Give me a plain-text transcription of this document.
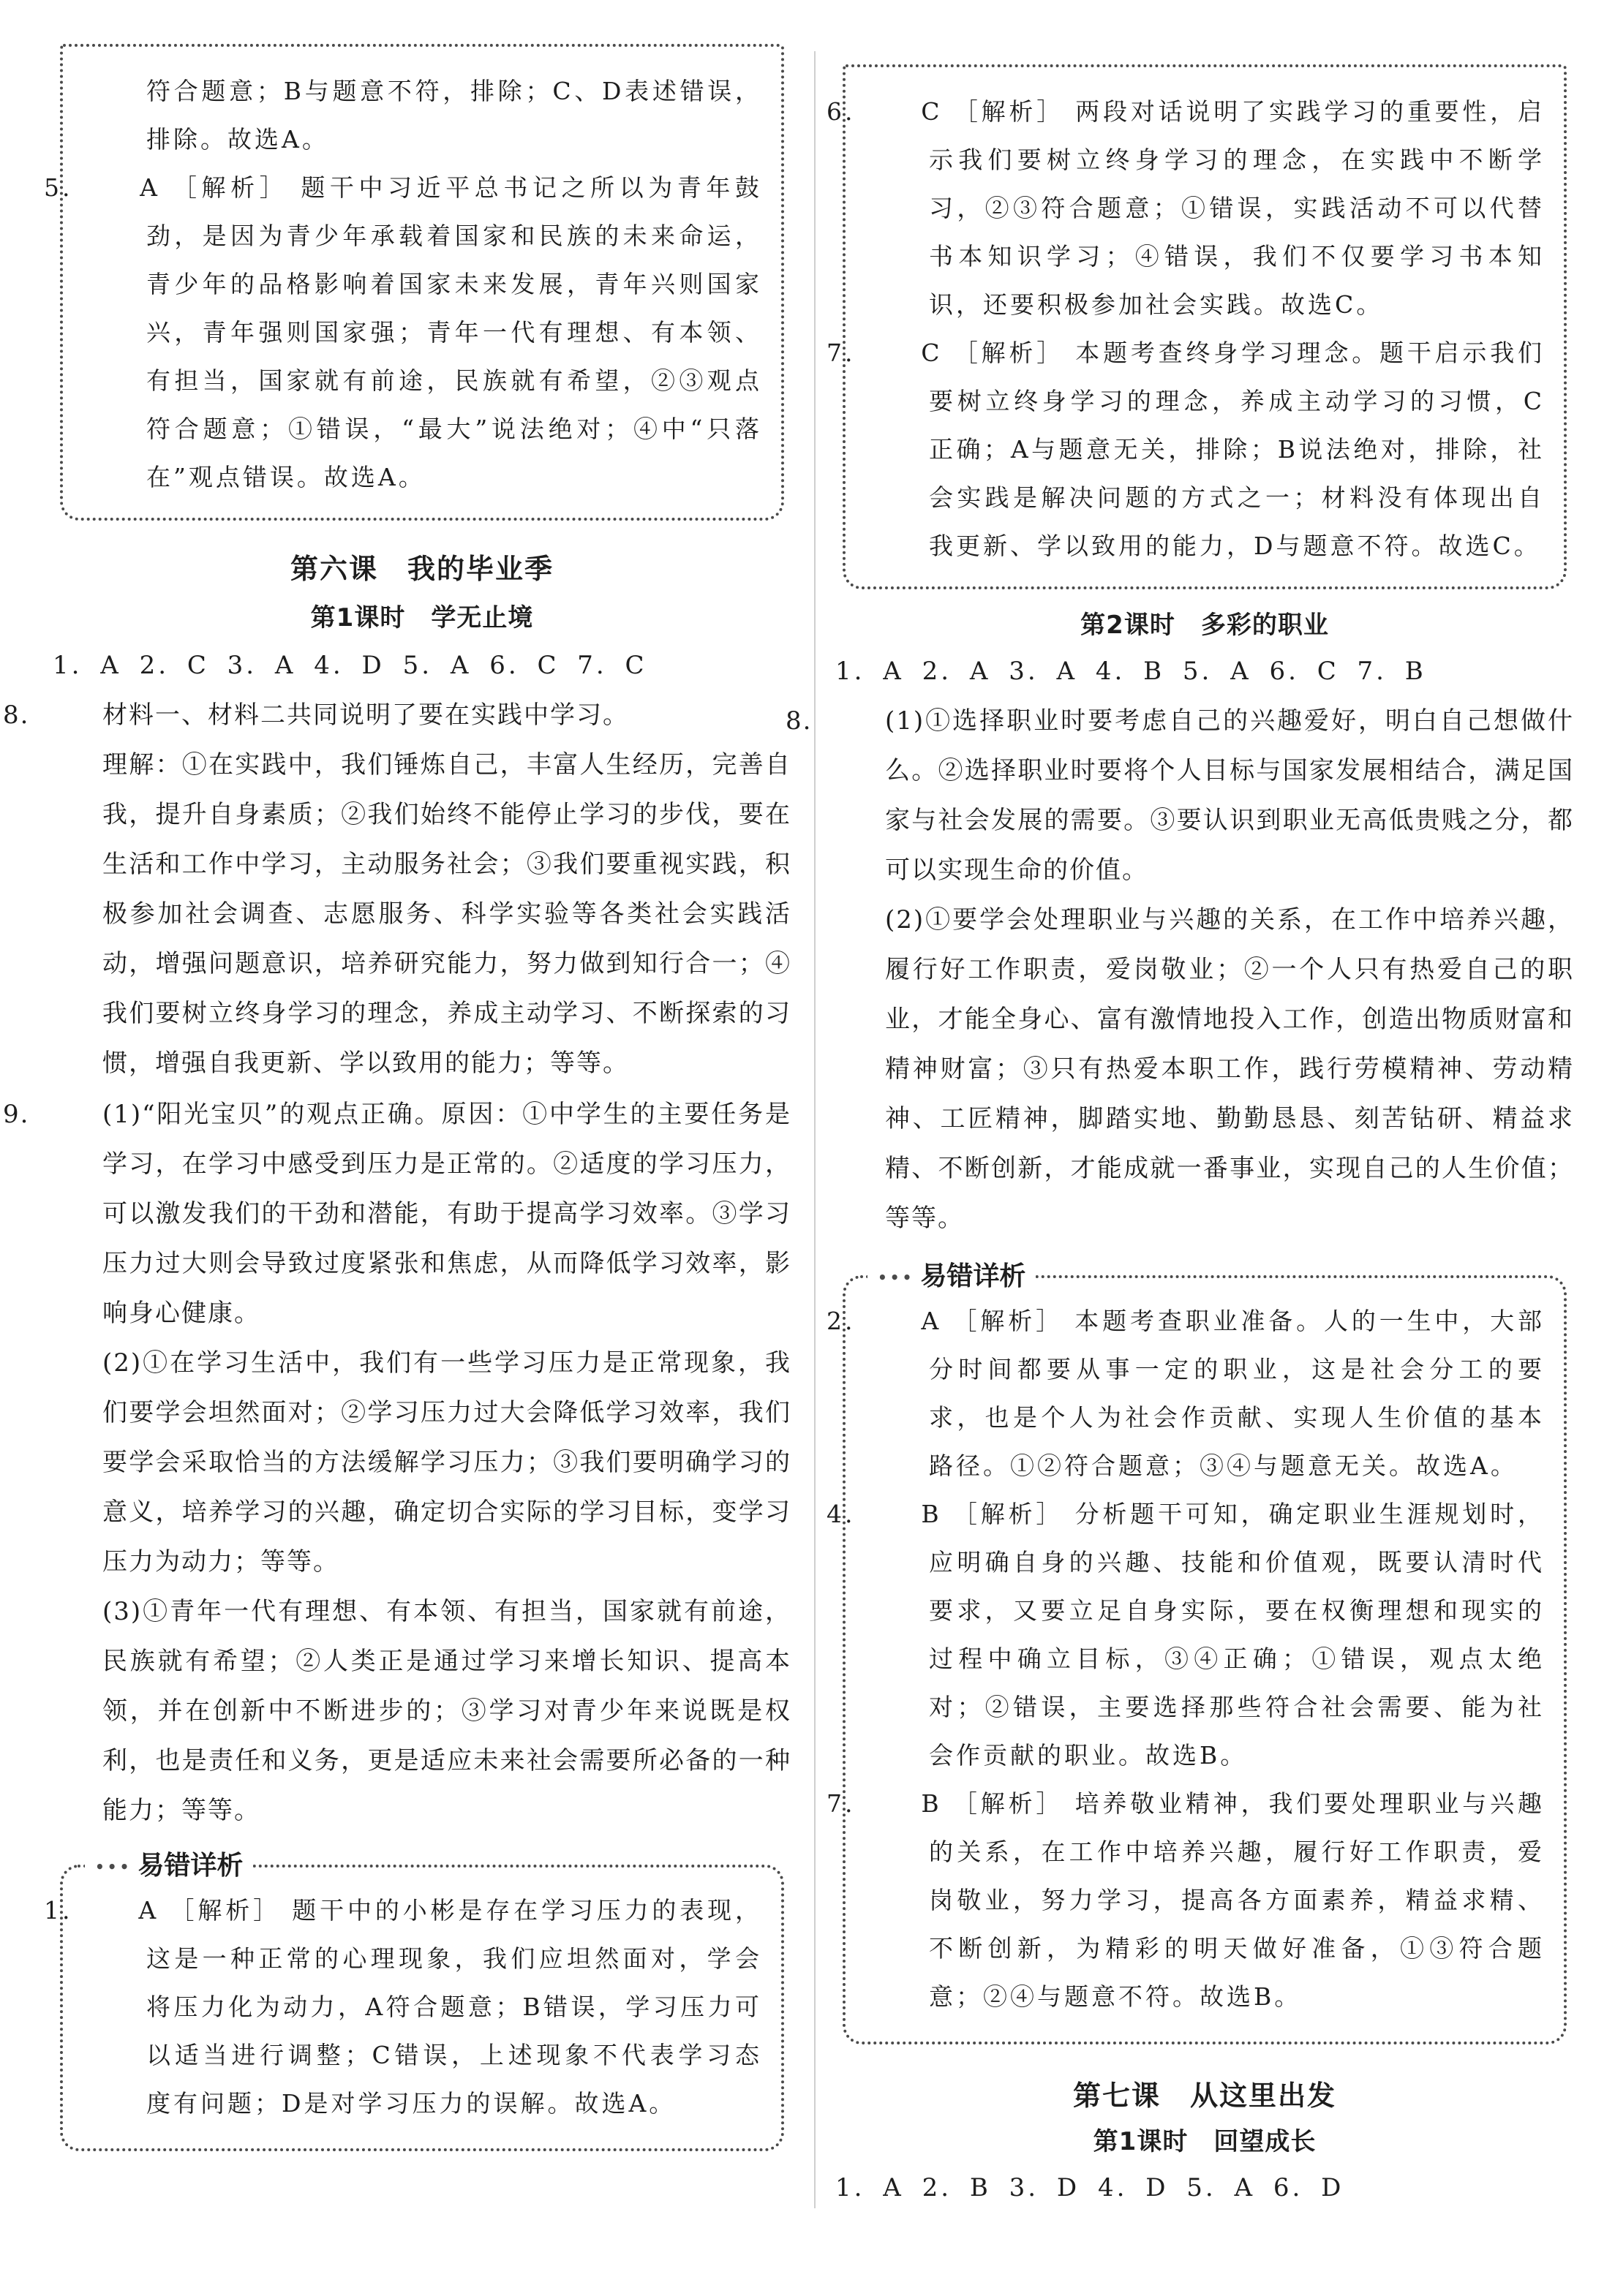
符合题意；B与题意不符，排除；C、D表述错误，排除。故选A。
5.	A ［解析］ 题干中习近平总书记之所以为青年鼓劲，是因为青少年承载着国家和民族的未来命运，青少年的品格影响着国家未来发展，青年兴则国家兴，青年强则国家强；青年一代有理想、有本领、有担当，国家就有前途，民族就有希望，②③观点符合题意；①错误，“最大”说法绝对；④中“只落在”观点错误。故选A。
第六课　我的毕业季
第1课时　学无止境
1. A 2. C 3. A 4. D 5. A 6. C 7. C
8.	材料一、材料二共同说明了要在实践中学习。
理解：①在实践中，我们锤炼自己，丰富人生经历，完善自我，提升自身素质；②我们始终不能停止学习的步伐，要在生活和工作中学习，主动服务社会；③我们要重视实践，积极参加社会调查、志愿服务、科学实验等各类社会实践活动，增强问题意识，培养研究能力，努力做到知行合一；④我们要树立终身学习的理念，养成主动学习、不断探索的习惯，增强自我更新、学以致用的能力；等等。
9.	(1)“阳光宝贝”的观点正确。原因：①中学生的主要任务是学习，在学习中感受到压力是正常的。②适度的学习压力，可以激发我们的干劲和潜能，有助于提高学习效率。③学习压力过大则会导致过度紧张和焦虑，从而降低学习效率，影响身心健康。
(2)①在学习生活中，我们有一些学习压力是正常现象，我们要学会坦然面对；②学习压力过大会降低学习效率，我们要学会采取恰当的方法缓解学习压力；③我们要明确学习的意义，培养学习的兴趣，确定切合实际的学习目标，变学习压力为动力；等等。
(3)①青年一代有理想、有本领、有担当，国家就有前途，民族就有希望；②人类正是通过学习来增长知识、提高本领，并在创新中不断进步的；③学习对青少年来说既是权利，也是责任和义务，更是适应未来社会需要所必备的一种能力；等等。
••• 易错详析
1.	A ［解析］ 题干中的小彬是存在学习压力的表现，这是一种正常的心理现象，我们应坦然面对，学会将压力化为动力，A符合题意；B错误，学习压力可以适当进行调整；C错误，上述现象不代表学习态度有问题；D是对学习压力的误解。故选A。
6.	C ［解析］ 两段对话说明了实践学习的重要性，启示我们要树立终身学习的理念，在实践中不断学习，②③符合题意；①错误，实践活动不可以代替书本知识学习；④错误，我们不仅要学习书本知识，还要积极参加社会实践。故选C。
7.	C ［解析］ 本题考查终身学习理念。题干启示我们要树立终身学习的理念，养成主动学习的习惯，C正确；A与题意无关，排除；B说法绝对，排除，社会实践是解决问题的方式之一；材料没有体现出自我更新、学以致用的能力，D与题意不符。故选C。
第2课时　多彩的职业
1. A 2. A 3. A 4. B 5. A 6. C 7. B
8.	(1)①选择职业时要考虑自己的兴趣爱好，明白自己想做什么。②选择职业时要将个人目标与国家发展相结合，满足国家与社会发展的需要。③要认识到职业无高低贵贱之分，都可以实现生命的价值。
(2)①要学会处理职业与兴趣的关系，在工作中培养兴趣，履行好工作职责，爱岗敬业；②一个人只有热爱自己的职业，才能全身心、富有激情地投入工作，创造出物质财富和精神财富；③只有热爱本职工作，践行劳模精神、劳动精神、工匠精神，脚踏实地、勤勤恳恳、刻苦钻研、精益求精、不断创新，才能成就一番事业，实现自己的人生价值；等等。
••• 易错详析
2.	A ［解析］ 本题考查职业准备。人的一生中，大部分时间都要从事一定的职业，这是社会分工的要求，也是个人为社会作贡献、实现人生价值的基本路径。①②符合题意；③④与题意无关。故选A。
4.	B ［解析］ 分析题干可知，确定职业生涯规划时，应明确自身的兴趣、技能和价值观，既要认清时代要求，又要立足自身实际，要在权衡理想和现实的过程中确立目标，③④正确；①错误，观点太绝对；②错误，主要选择那些符合社会需要、能为社会作贡献的职业。故选B。
7.	B ［解析］ 培养敬业精神，我们要处理职业与兴趣的关系，在工作中培养兴趣，履行好工作职责，爱岗敬业，努力学习，提高各方面素养，精益求精、不断创新，为精彩的明天做好准备，①③符合题意；②④与题意不符。故选B。
第七课　从这里出发
第1课时　回望成长
1. A 2. B 3. D 4. D 5. A 6. D
